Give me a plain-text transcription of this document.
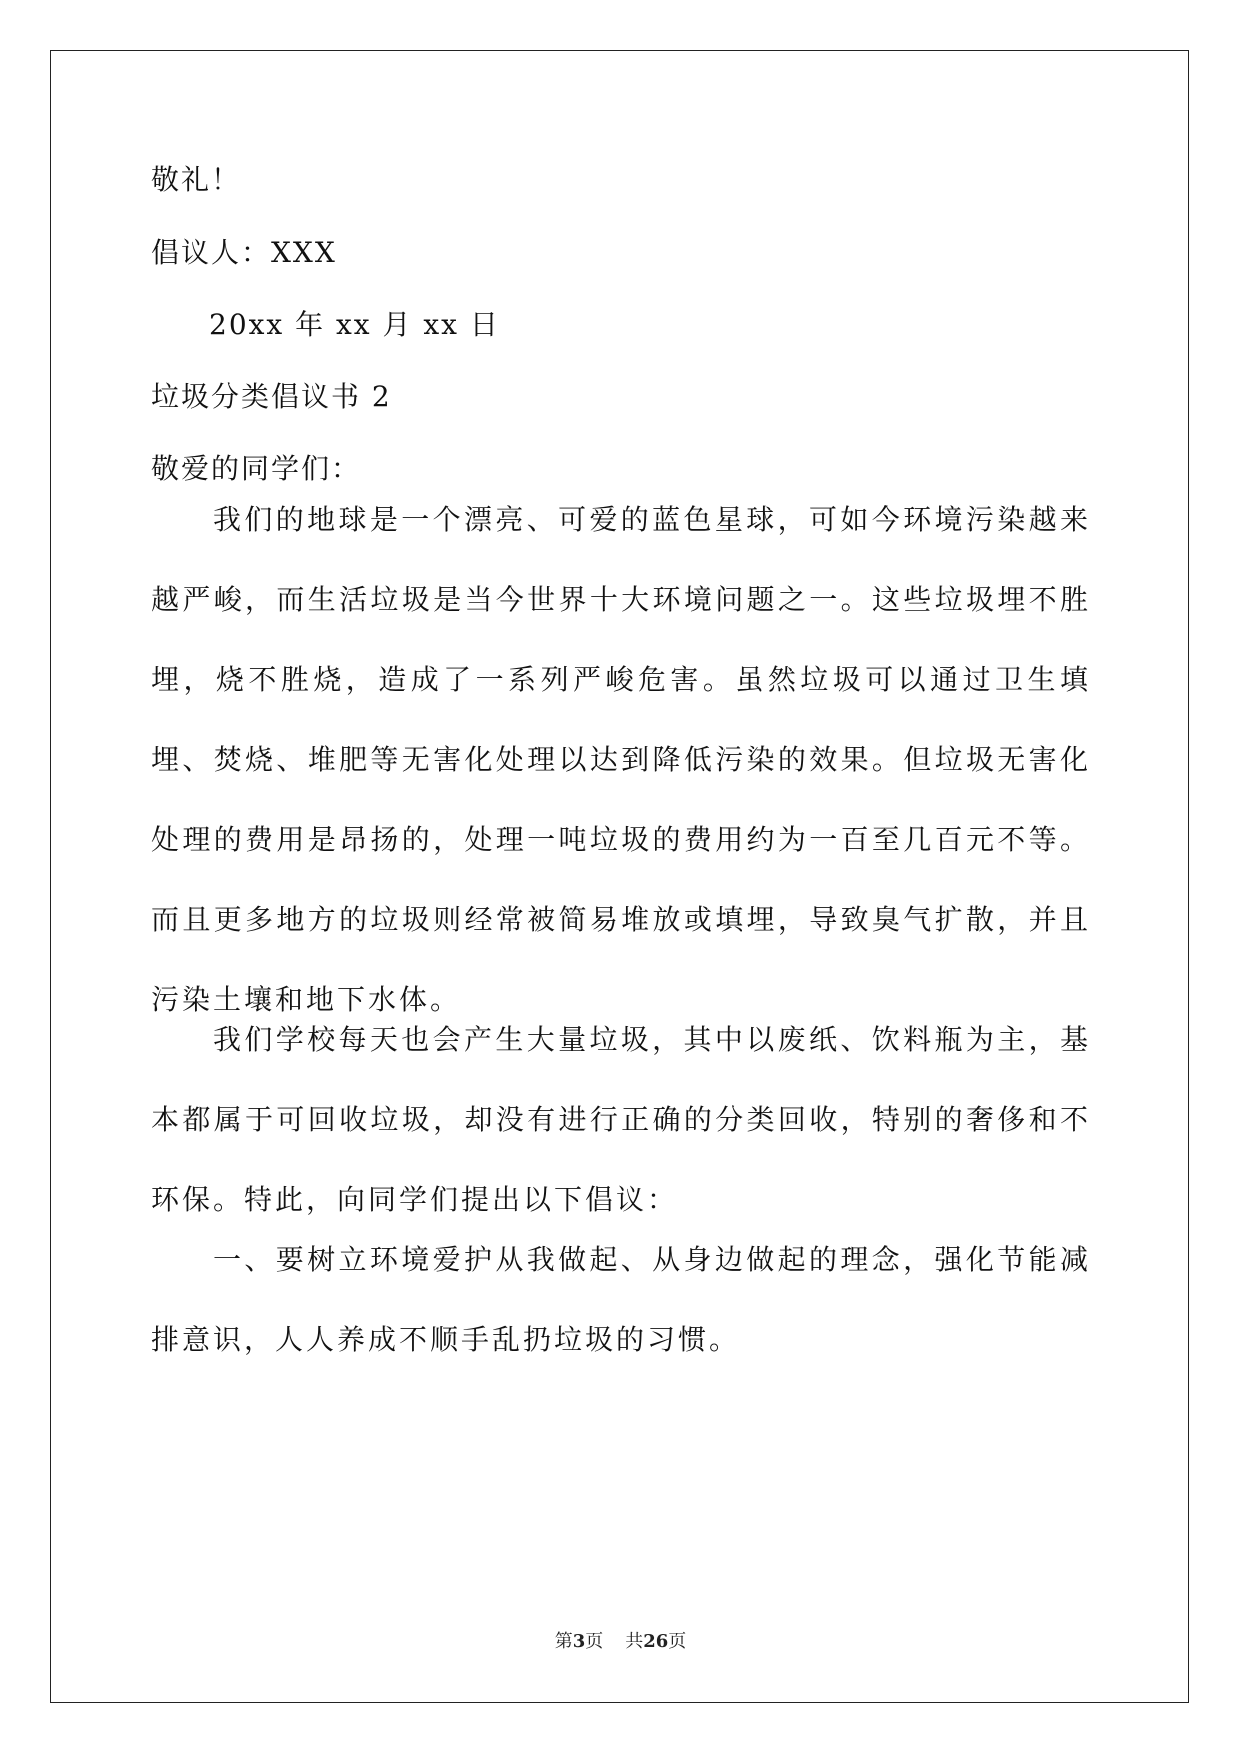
敬礼！
倡议人：XXX
20xx 年 xx 月 xx 日
垃圾分类倡议书 2
敬爱的同学们：

我们的地球是一个漂亮、可爱的蓝色星球，可如今环境污染越来越严峻，而生活垃圾是当今世界十大环境问题之一。这些垃圾埋不胜埋，烧不胜烧，造成了一系列严峻危害。虽然垃圾可以通过卫生填埋、焚烧、堆肥等无害化处理以达到降低污染的效果。但垃圾无害化处理的费用是昂扬的，处理一吨垃圾的费用约为一百至几百元不等。而且更多地方的垃圾则经常被简易堆放或填埋，导致臭气扩散，并且污染土壤和地下水体。

我们学校每天也会产生大量垃圾，其中以废纸、饮料瓶为主，基本都属于可回收垃圾，却没有进行正确的分类回收，特别的奢侈和不环保。特此，向同学们提出以下倡议：

一、要树立环境爱护从我做起、从身边做起的理念，强化节能减排意识，人人养成不顺手乱扔垃圾的习惯。

第3页 共26页
